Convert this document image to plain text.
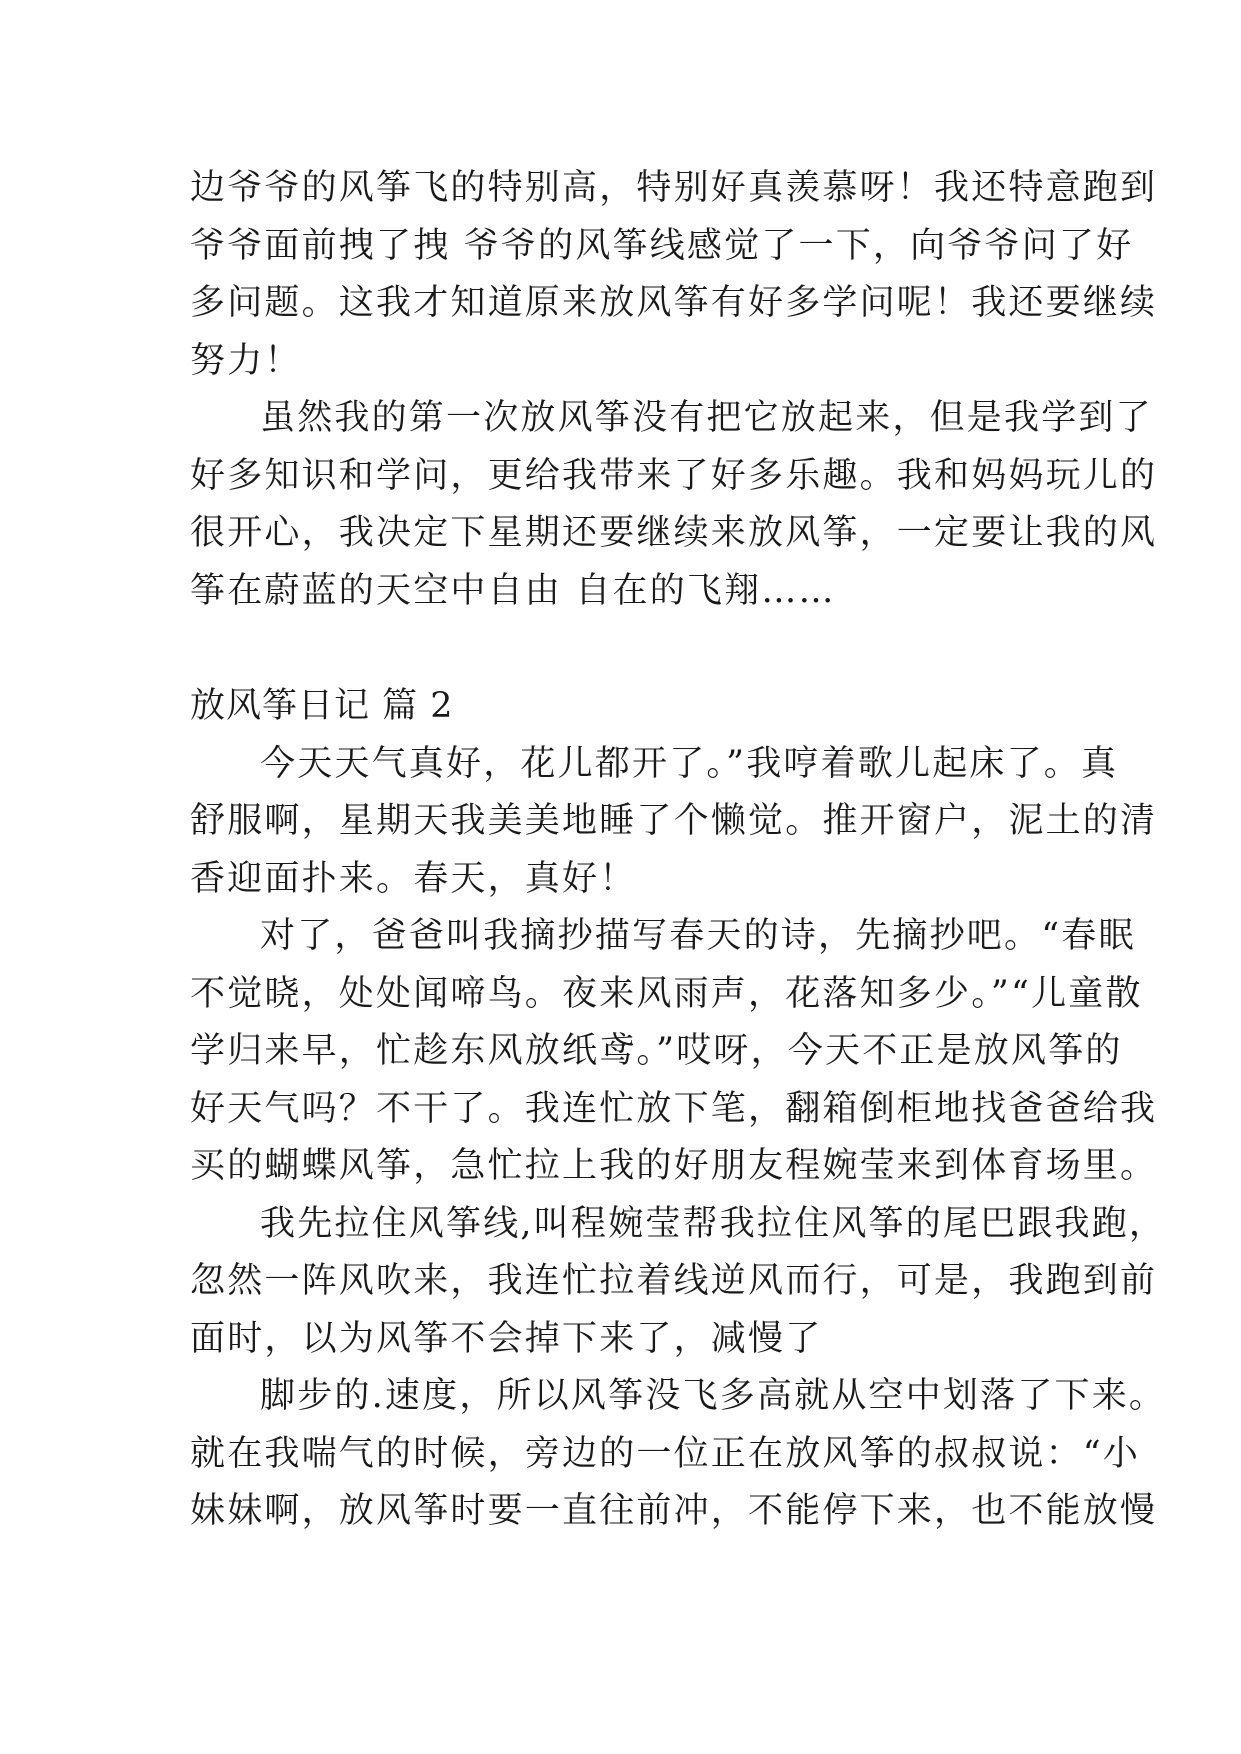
边爷爷的风筝飞的特别高，特别好真羡慕呀！我还特意跑到
爷爷面前拽了拽 爷爷的风筝线感觉了一下，向爷爷问了好
多问题。这我才知道原来放风筝有好多学问呢！我还要继续
努力！
虽然我的第一次放风筝没有把它放起来，但是我学到了
好多知识和学问，更给我带来了好多乐趣。我和妈妈玩儿的
很开心，我决定下星期还要继续来放风筝，一定要让我的风
筝在蔚蓝的天空中自由 自在的飞翔……
放风筝日记 篇 2
今天天气真好，花儿都开了。”我哼着歌儿起床了。真
舒服啊，星期天我美美地睡了个懒觉。推开窗户，泥土的清
香迎面扑来。春天，真好！
对了，爸爸叫我摘抄描写春天的诗，先摘抄吧。“春眠
不觉晓，处处闻啼鸟。夜来风雨声，花落知多少。”“儿童散
学归来早，忙趁东风放纸鸢。”哎呀，今天不正是放风筝的
好天气吗？不干了。我连忙放下笔，翻箱倒柜地找爸爸给我
买的蝴蝶风筝，急忙拉上我的好朋友程婉莹来到体育场里。
我先拉住风筝线,叫程婉莹帮我拉住风筝的尾巴跟我跑，
忽然一阵风吹来，我连忙拉着线逆风而行，可是，我跑到前
面时，以为风筝不会掉下来了，减慢了
脚步的.速度，所以风筝没飞多高就从空中划落了下来。
就在我喘气的时候，旁边的一位正在放风筝的叔叔说：“小
妹妹啊，放风筝时要一直往前冲，不能停下来，也不能放慢
